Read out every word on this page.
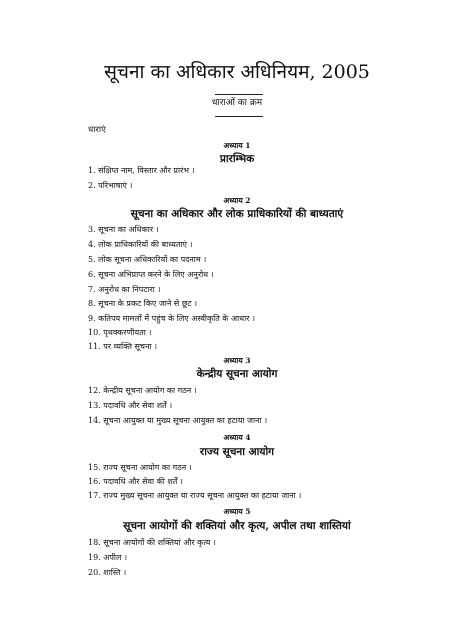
सूचना का अधिकार अधिनियम, 2005
धाराओं का क्रम
धाराएं
अध्याय 1
प्रारम्भिक
1. संक्षिप्त नाम, विस्तार और प्रारंभ ।
2. परिभाषाएं ।
अध्याय 2
सूचना का अधिकार और लोक प्राधिकारियों की बाध्यताएं
3. सूचना का अधिकार ।
4. लोक प्राधिकारियों की बाध्यताएं ।
5. लोक सूचना अधिकारियों का पदनाम ।
6. सूचना अभिप्राप्त करने के लिए अनुरोध ।
7. अनुरोध का निपटारा ।
8. सूचना के प्रकट किए जाने से छूट ।
9. कतिपय मामलों में पहुंच के लिए अस्वीकृति के आधार ।
10. पृथक्करणीयता ।
11. पर व्यक्ति सूचना ।
अध्याय 3
केन्द्रीय सूचना आयोग
12. केन्द्रीय सूचना आयोग का गठन ।
13. पदावधि और सेवा शर्तें ।
14. सूचना आयुक्त या मुख्य सूचना आयुक्त का हटाया जाना ।
अध्याय 4
राज्य सूचना आयोग
15. राज्य सूचना आयोग का गठन ।
16. पदावधि और सेवा की शर्तें ।
17. राज्य मुख्य सूचना आयुक्त या राज्य सूचना आयुक्त का हटाया जाना ।
अध्याय 5
सूचना आयोगों की शक्तियां और कृत्य, अपील तथा शास्तियां
18. सूचना आयोगों की शक्तियां और कृत्य ।
19. अपील ।
20. शास्ति ।
